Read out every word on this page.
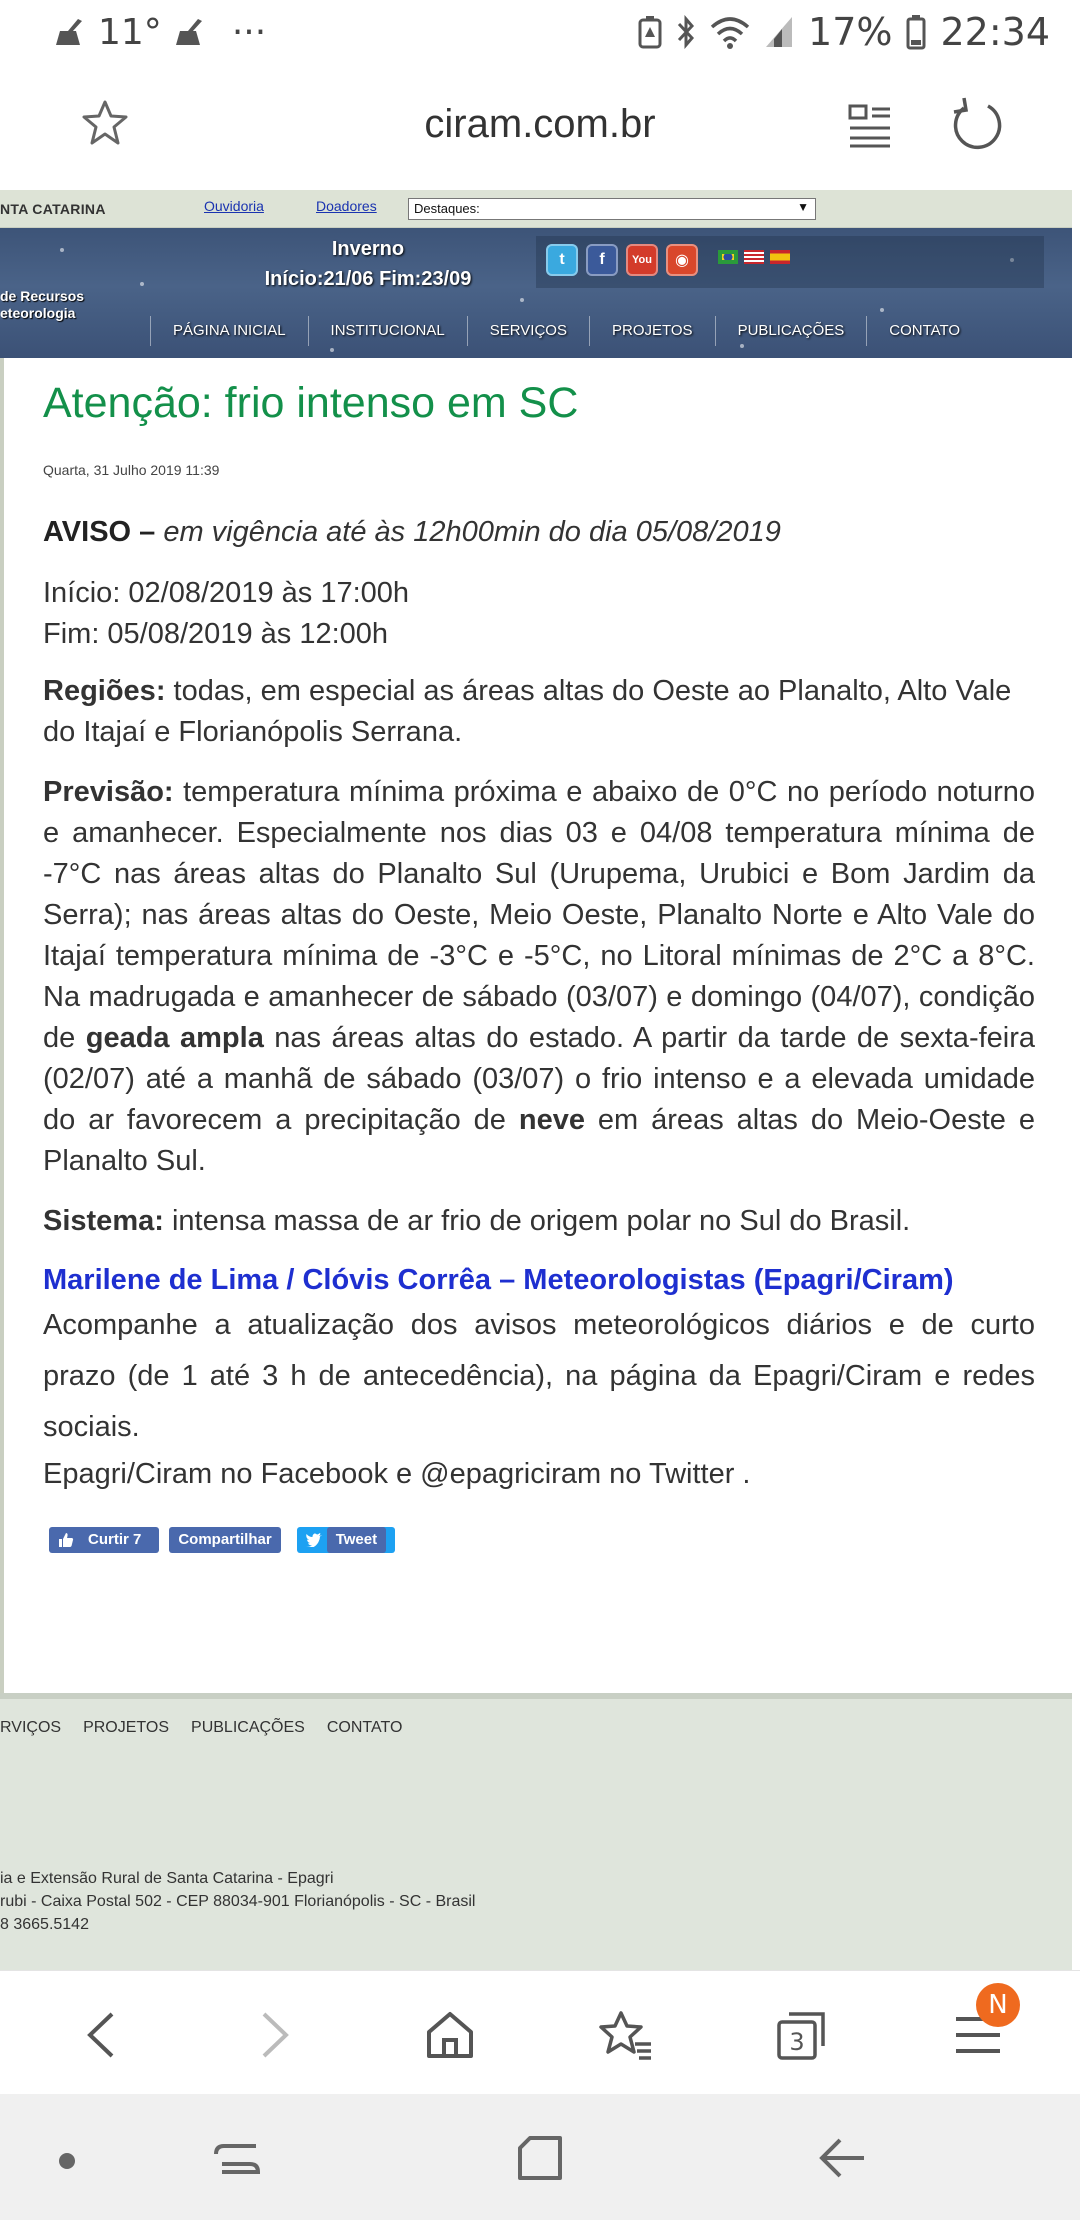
11° ···	17% 22:34
ciram.com.br
NTA CATARINA	Ouvidoria	Doadores	Destaques:	▼
Inverno
Início:21/06 Fim:23/09
de Recursos
eteorologia
t	f	You	◉
PÁGINA INICIAL	INSTITUCIONAL	SERVIÇOS	PROJETOS	PUBLICAÇÕES	CONTATO
Atenção: frio intenso em SC
Quarta, 31 Julho 2019 11:39

AVISO – em vigência até às 12h00min do dia 05/08/2019

Início: 02/08/2019 às 17:00h
Fim: 05/08/2019 às 12:00h

Regiões: todas, em especial as áreas altas do Oeste ao Planalto, Alto Vale do Itajaí e Florianópolis Serrana.

Previsão: temperatura mínima próxima e abaixo de 0°C no período noturno e amanhecer. Especialmente nos dias 03 e 04/08 temperatura mínima de -7°C nas áreas altas do Planalto Sul (Urupema, Urubici e Bom Jardim da Serra); nas áreas altas do Oeste, Meio Oeste, Planalto Norte e Alto Vale do Itajaí temperatura mínima de -3°C e -5°C, no Litoral mínimas de 2°C a 8°C. Na madrugada e amanhecer de sábado (03/07) e domingo (04/07), condição de geada ampla nas áreas altas do estado. A partir da tarde de sexta-feira (02/07) até a manhã de sábado (03/07) o frio intenso e a elevada umidade do ar favorecem a precipitação de neve em áreas altas do Meio-Oeste e Planalto Sul.

Sistema: intensa massa de ar frio de origem polar no Sul do Brasil.

Marilene de Lima / Clóvis Corrêa – Meteorologistas (Epagri/Ciram)

Acompanhe a atualização dos avisos meteorológicos diários e de curto prazo (de 1 até 3 h de antecedência), na página da Epagri/Ciram e redes sociais.

Epagri/Ciram no Facebook e @epagriciram no Twitter .

Curtir 7	Compartilhar	Tweet
RVIÇOS PROJETOS PUBLICAÇÕES CONTATO
ia e Extensão Rural de Santa Catarina - Epagri
rubi - Caixa Postal 502 - CEP 88034-901 Florianópolis - SC - Brasil
8 3665.5142
3
N
